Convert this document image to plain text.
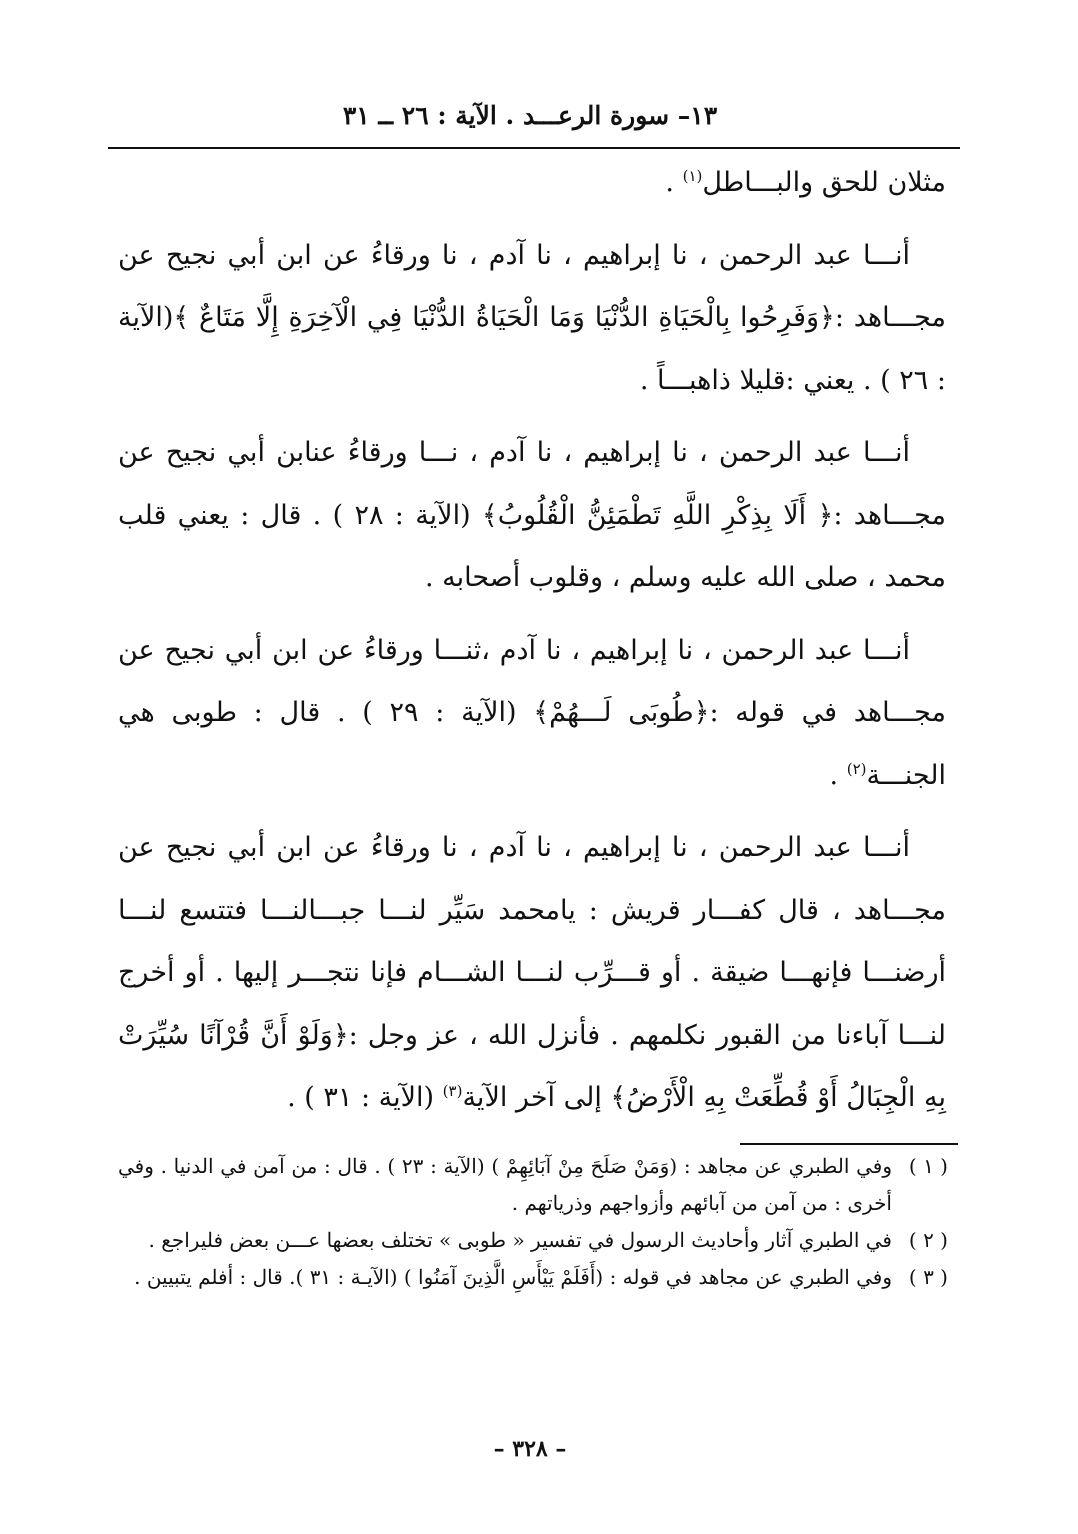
١٣– سورة الرعـــد . الآية : ٢٦ ــ ٣١

مثلان للحق والبـــاطل$^{(١)}$ .

أنـــا عبد الرحمن ، نا إبراهيم ، نا آدم ، نا ورقاءُ عن ابن أبي نجيح عن مجـــاهد :﴿وَفَرِحُوا بِالْحَيَاةِ الدُّنْيَا وَمَا الْحَيَاةُ الدُّنْيَا فِي الْآخِرَةِ إِلَّا مَتَاعٌ ﴾(الآية : ٢٦ ) . يعني :قليلا ذاهبـــاً .

أنـــا عبد الرحمن ، نا إبراهيم ، نا آدم ، نـــا ورقاءُ عنابن أبي نجيح عن مجـــاهد :﴿ أَلَا بِذِكْرِ اللَّهِ تَطْمَئِنُّ الْقُلُوبُ﴾ (الآية : ٢٨ ) . قال : يعني قلب محمد ، صلى الله عليه وسلم ، وقلوب أصحابه .

أنـــا عبد الرحمن ، نا إبراهيم ، نا آدم ،ثنـــا ورقاءُ عن ابن أبي نجيح عن مجـــاهد في قوله :﴿طُوبَى لَـــهُمْ﴾ (الآية : ٢٩ ) . قال : طوبى هي الجنـــة$^{(٢)}$ .

أنـــا عبد الرحمن ، نا إبراهيم ، نا آدم ، نا ورقاءُ عن ابن أبي نجيح عن مجـــاهد ، قال كفـــار قريش : يامحمد سَيِّر لنـــا جبـــالنـــا فتتسع لنـــا أرضنـــا فإنهـــا ضيقة . أو قـــرِّب لنـــا الشـــام فإنا نتجـــر إليها . أو أخرج لنـــا آباءنا من القبور نكلمهم . فأنزل الله ، عز وجل :﴿وَلَوْ أَنَّ قُرْآنًا سُيِّرَتْ بِهِ الْجِبَالُ أَوْ قُطِّعَتْ بِهِ الْأَرْضُ﴾ إلى آخر الآية$^{(٣)}$ (الآية : ٣١ ) .

( ١ )
وفي الطبري عن مجاهد : (وَمَنْ صَلَحَ مِنْ آبَائِهِمْ ) (الآية : ٢٣ ) . قال : من آمن في الدنيا . وفي أخرى : من آمن من آبائهم وأزواجهم وذرياتهم .
( ٢ )
في الطبري آثار وأحاديث الرسول في تفسير « طوبى » تختلف بعضها عـــن بعض فليراجع .
( ٣ )
وفي الطبري عن مجاهد في قوله : (أَفَلَمْ يَيْأَسِ الَّذِينَ آمَنُوا ) (الآيـة : ٣١ ). قال : أفلم يتبيين .
– ٣٢٨ –
